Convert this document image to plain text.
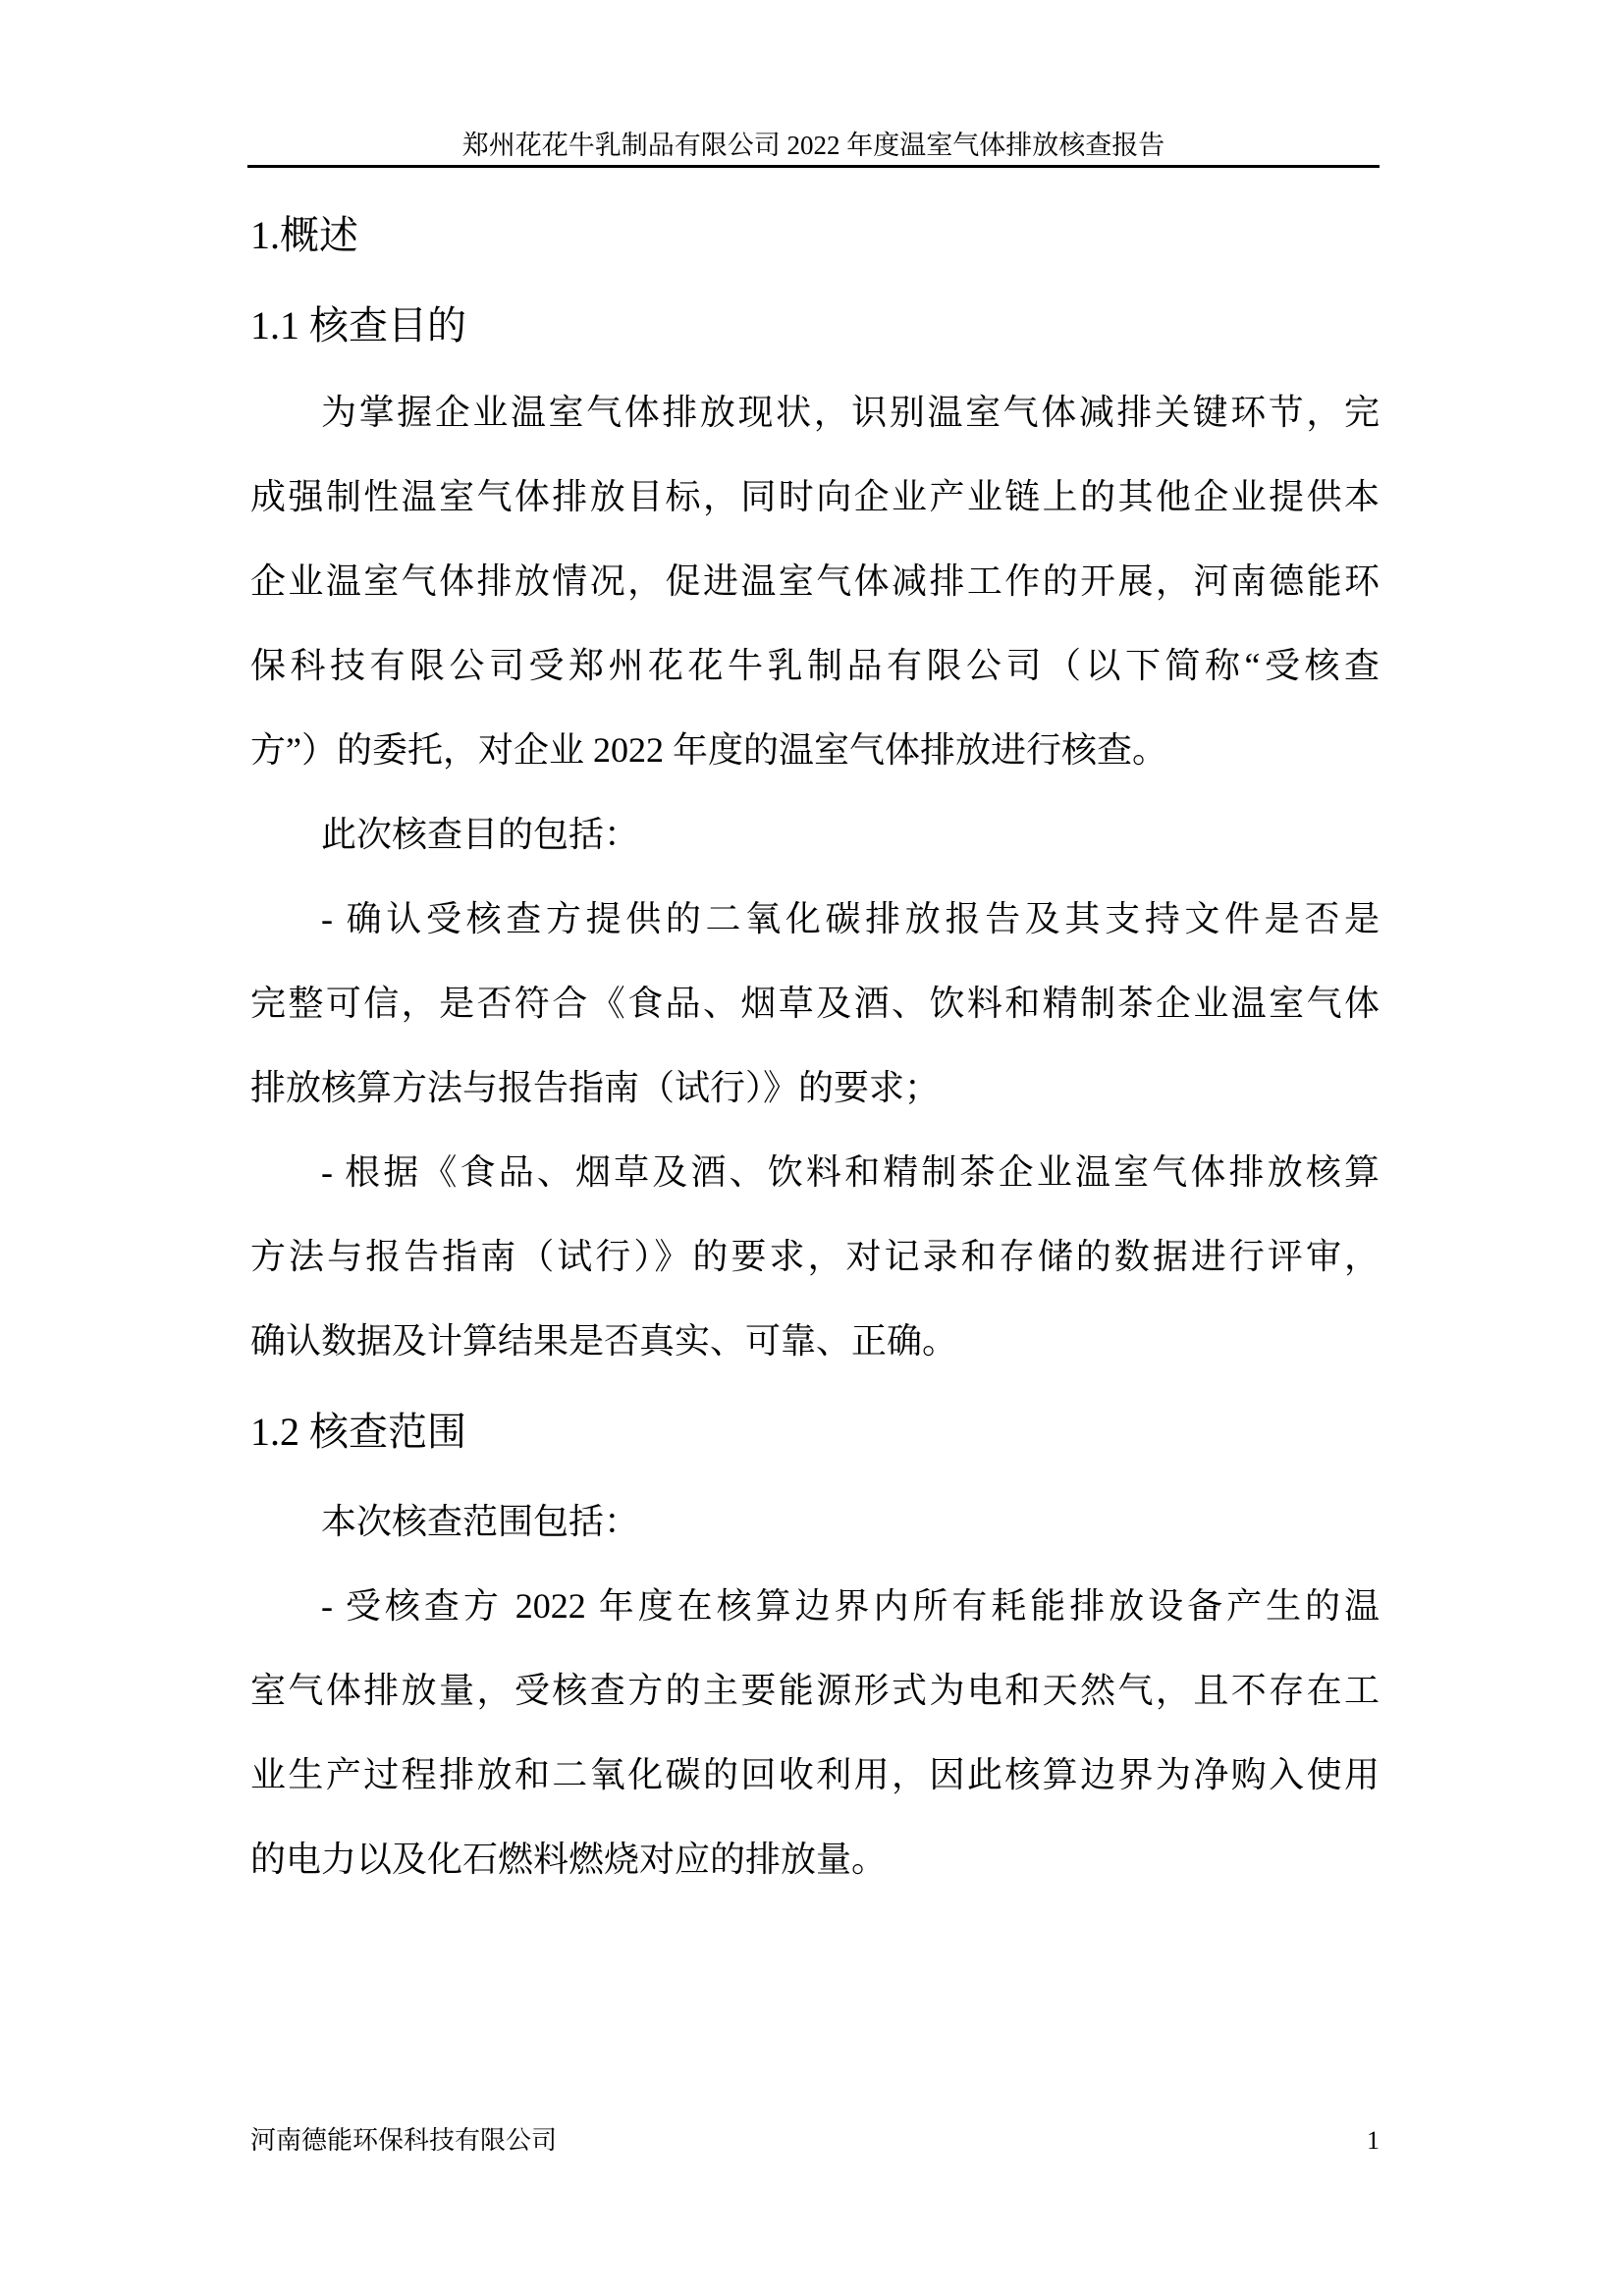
郑州花花牛乳制品有限公司 2022 年度温室气体排放核查报告
1.概述
1.1 核查目的
为掌握企业温室气体排放现状，识别温室气体减排关键环节，完
成强制性温室气体排放目标，同时向企业产业链上的其他企业提供本
企业温室气体排放情况，促进温室气体减排工作的开展，河南德能环
保科技有限公司受郑州花花牛乳制品有限公司（以下简称“受核查
方”）的委托，对企业 2022 年度的温室气体排放进行核查。
此次核查目的包括：
- 确认受核查方提供的二氧化碳排放报告及其支持文件是否是
完整可信，是否符合《食品、烟草及酒、饮料和精制茶企业温室气体
排放核算方法与报告指南（试行）》的要求；
- 根据《食品、烟草及酒、饮料和精制茶企业温室气体排放核算
方法与报告指南（试行）》的要求，对记录和存储的数据进行评审，
确认数据及计算结果是否真实、可靠、正确。
1.2 核查范围
本次核查范围包括：
- 受核查方 2022 年度在核算边界内所有耗能排放设备产生的温
室气体排放量，受核查方的主要能源形式为电和天然气，且不存在工
业生产过程排放和二氧化碳的回收利用，因此核算边界为净购入使用
的电力以及化石燃料燃烧对应的排放量。
河南德能环保科技有限公司	1
